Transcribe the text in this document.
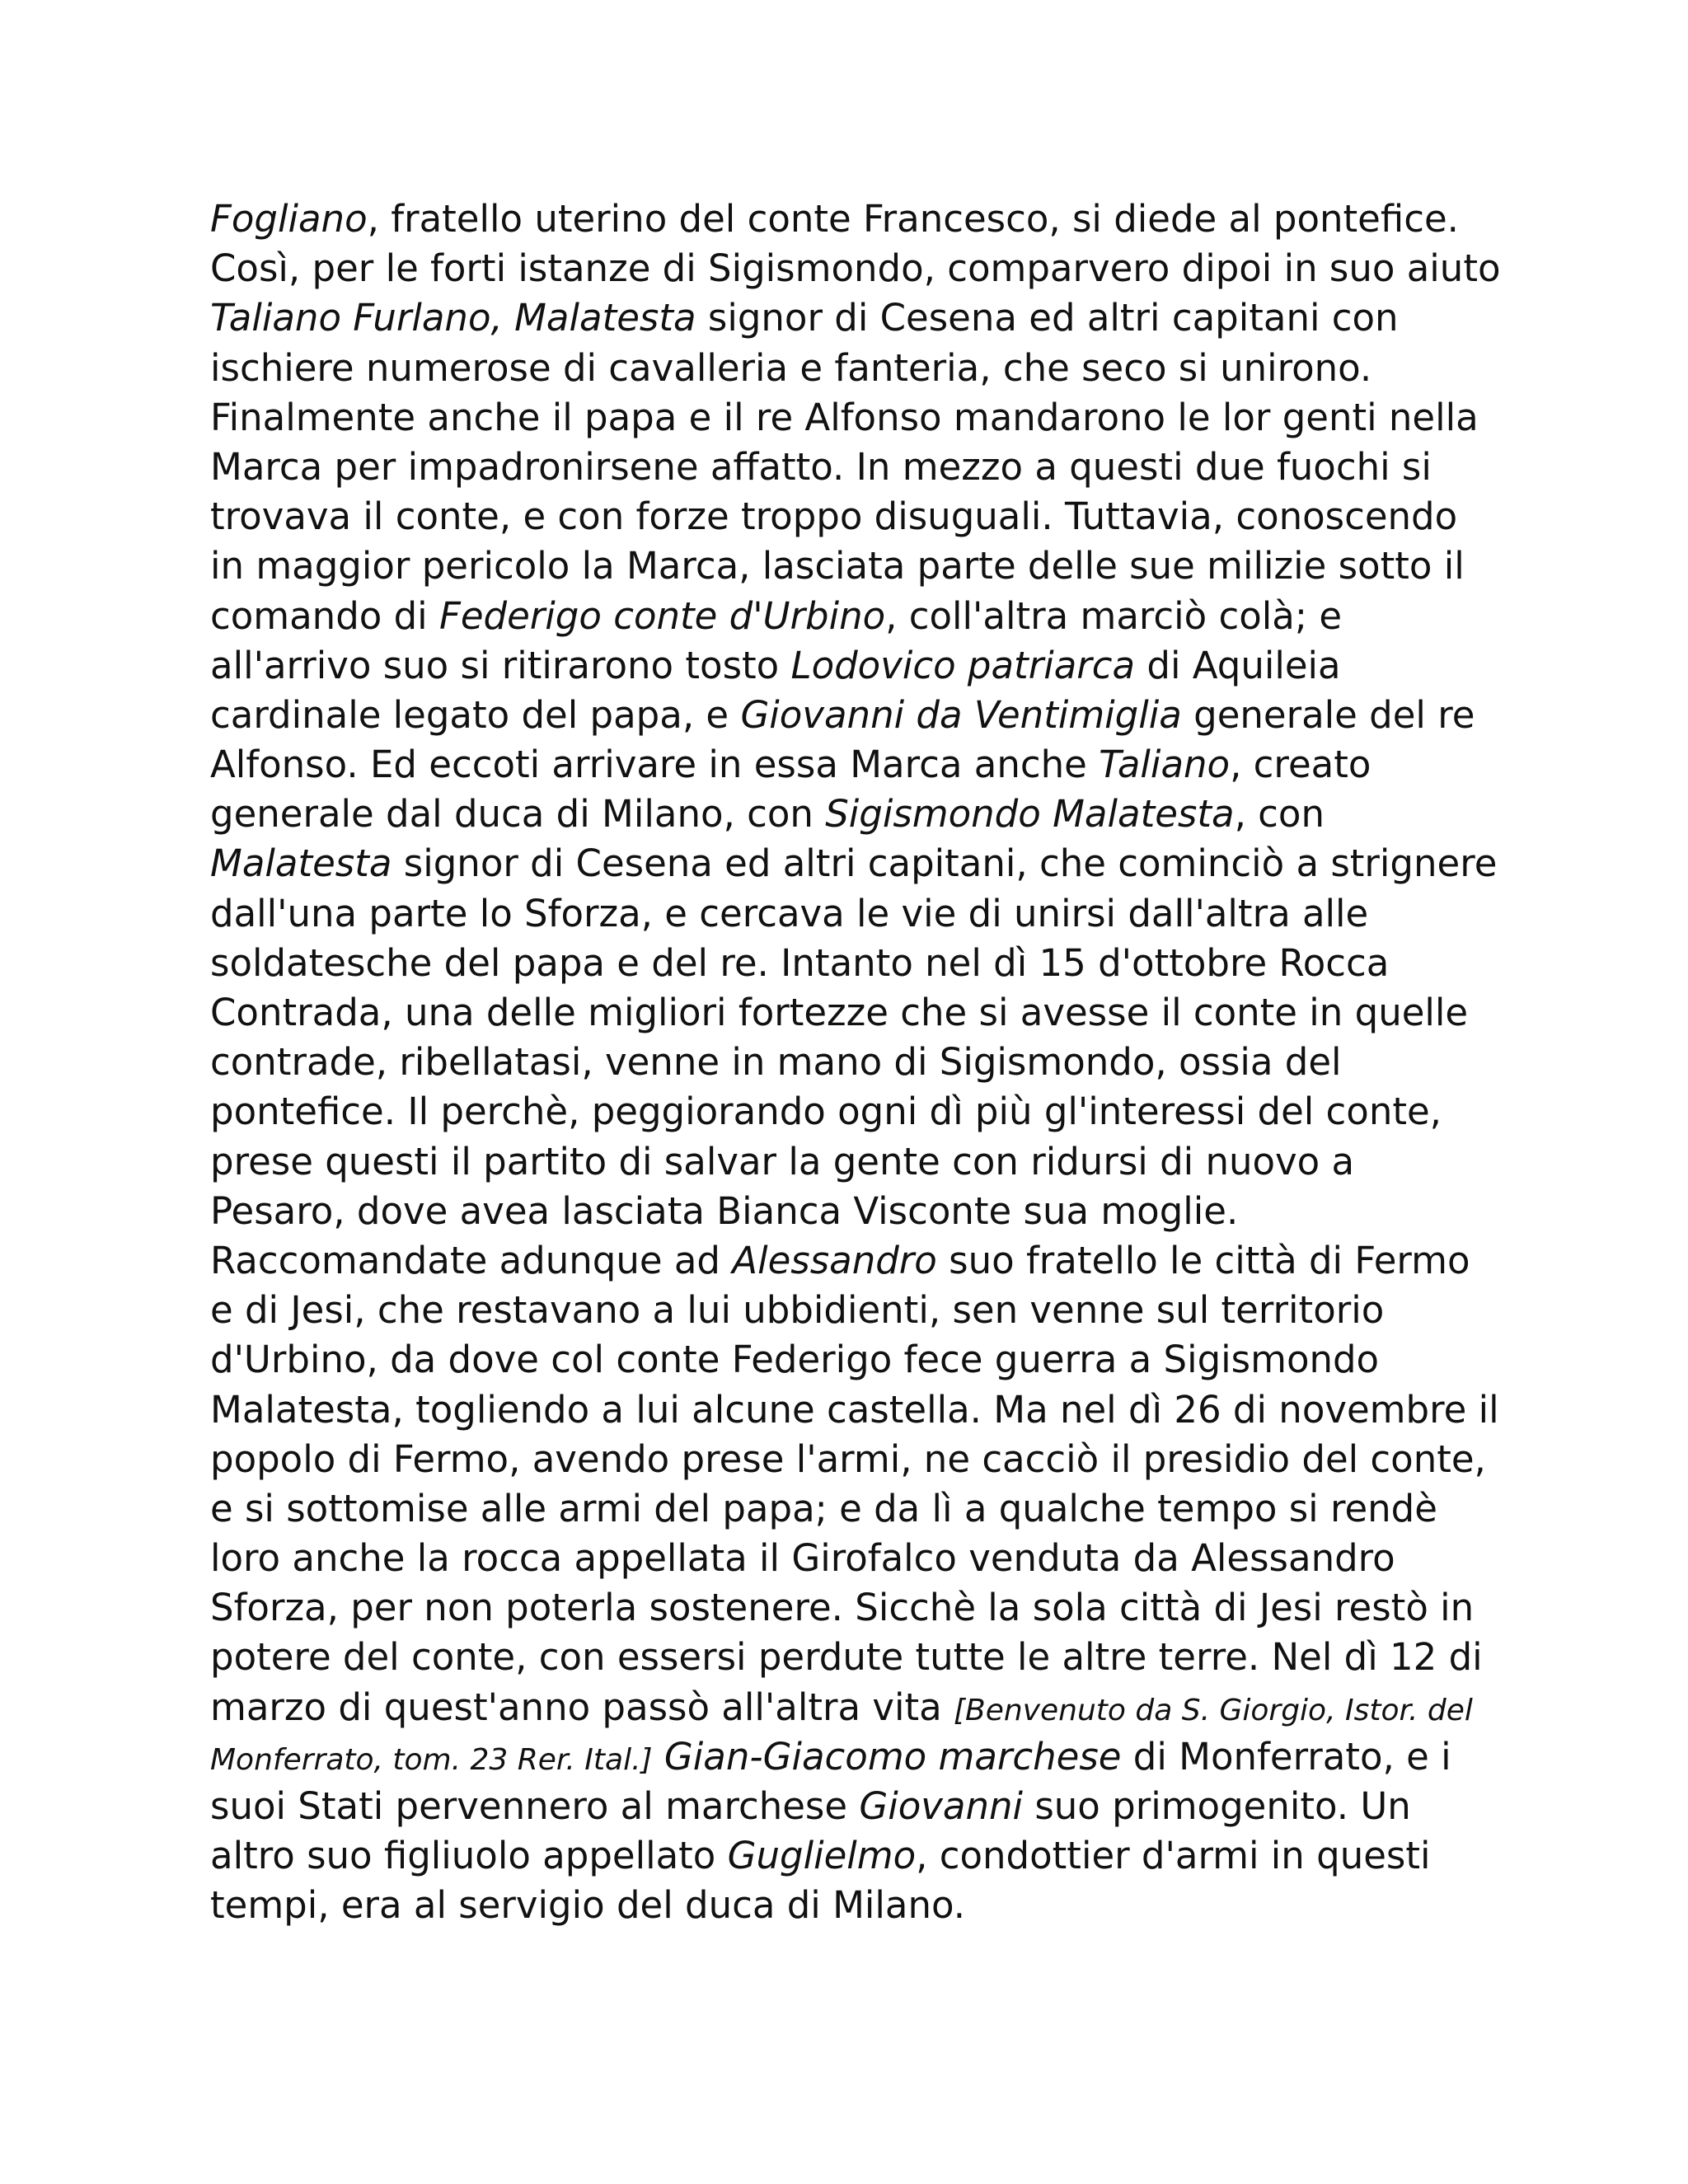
Fogliano, fratello uterino del conte Francesco, si diede al pontefice.
Così, per le forti istanze di Sigismondo, comparvero dipoi in suo aiuto
Taliano Furlano, Malatesta signor di Cesena ed altri capitani con
ischiere numerose di cavalleria e fanteria, che seco si unirono.
Finalmente anche il papa e il re Alfonso mandarono le lor genti nella
Marca per impadronirsene affatto. In mezzo a questi due fuochi si
trovava il conte, e con forze troppo disuguali. Tuttavia, conoscendo
in maggior pericolo la Marca, lasciata parte delle sue milizie sotto il
comando di Federigo conte d'Urbino, coll'altra marciò colà; e
all'arrivo suo si ritirarono tosto Lodovico patriarca di Aquileia
cardinale legato del papa, e Giovanni da Ventimiglia generale del re
Alfonso. Ed eccoti arrivare in essa Marca anche Taliano, creato
generale dal duca di Milano, con Sigismondo Malatesta, con
Malatesta signor di Cesena ed altri capitani, che cominciò a strignere
dall'una parte lo Sforza, e cercava le vie di unirsi dall'altra alle
soldatesche del papa e del re. Intanto nel dì 15 d'ottobre Rocca
Contrada, una delle migliori fortezze che si avesse il conte in quelle
contrade, ribellatasi, venne in mano di Sigismondo, ossia del
pontefice. Il perchè, peggiorando ogni dì più gl'interessi del conte,
prese questi il partito di salvar la gente con ridursi di nuovo a
Pesaro, dove avea lasciata Bianca Visconte sua moglie.
Raccomandate adunque ad Alessandro suo fratello le città di Fermo
e di Jesi, che restavano a lui ubbidienti, sen venne sul territorio
d'Urbino, da dove col conte Federigo fece guerra a Sigismondo
Malatesta, togliendo a lui alcune castella. Ma nel dì 26 di novembre il
popolo di Fermo, avendo prese l'armi, ne cacciò il presidio del conte,
e si sottomise alle armi del papa; e da lì a qualche tempo si rendè
loro anche la rocca appellata il Girofalco venduta da Alessandro
Sforza, per non poterla sostenere. Sicchè la sola città di Jesi restò in
potere del conte, con essersi perdute tutte le altre terre. Nel dì 12 di
marzo di quest'anno passò all'altra vita [Benvenuto da S. Giorgio, Istor. del
Monferrato, tom. 23 Rer. Ital.] Gian-Giacomo marchese di Monferrato, e i
suoi Stati pervennero al marchese Giovanni suo primogenito. Un
altro suo figliuolo appellato Guglielmo, condottier d'armi in questi
tempi, era al servigio del duca di Milano.
